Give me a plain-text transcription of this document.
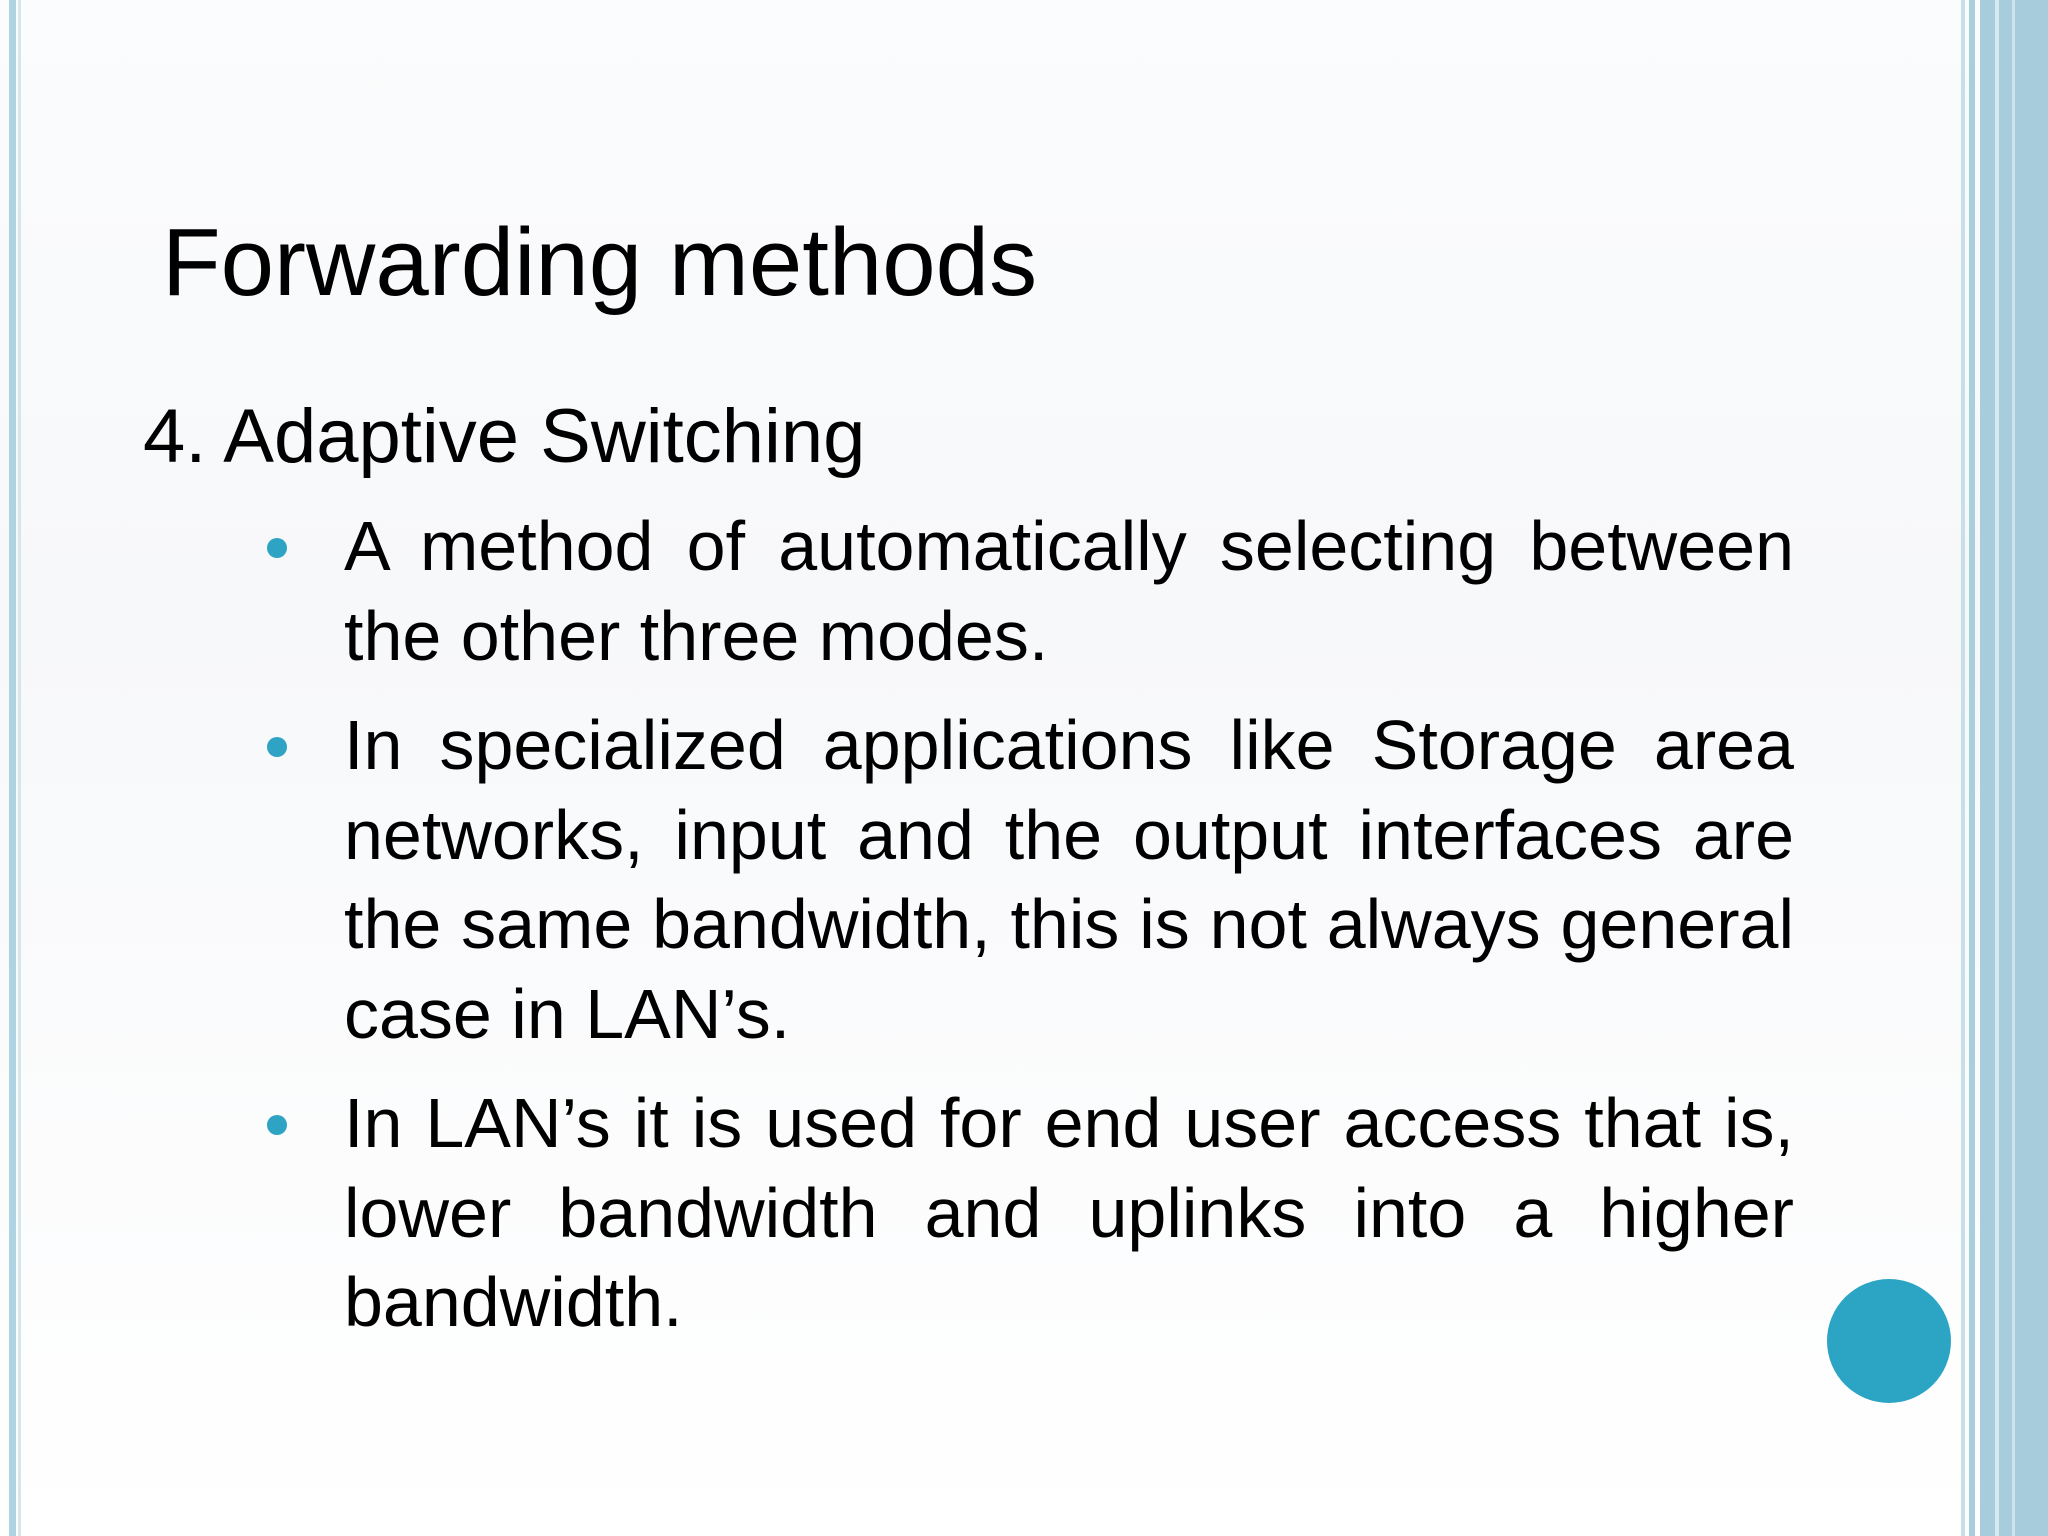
Forwarding methods
4. Adaptive Switching
A method of automatically selecting between the other three modes.
In specialized applications like Storage area networks, input and the output interfaces are the same bandwidth, this is not always general case in LAN’s.
In LAN’s it is used for end user access that is, lower bandwidth and uplinks into a higher bandwidth.
